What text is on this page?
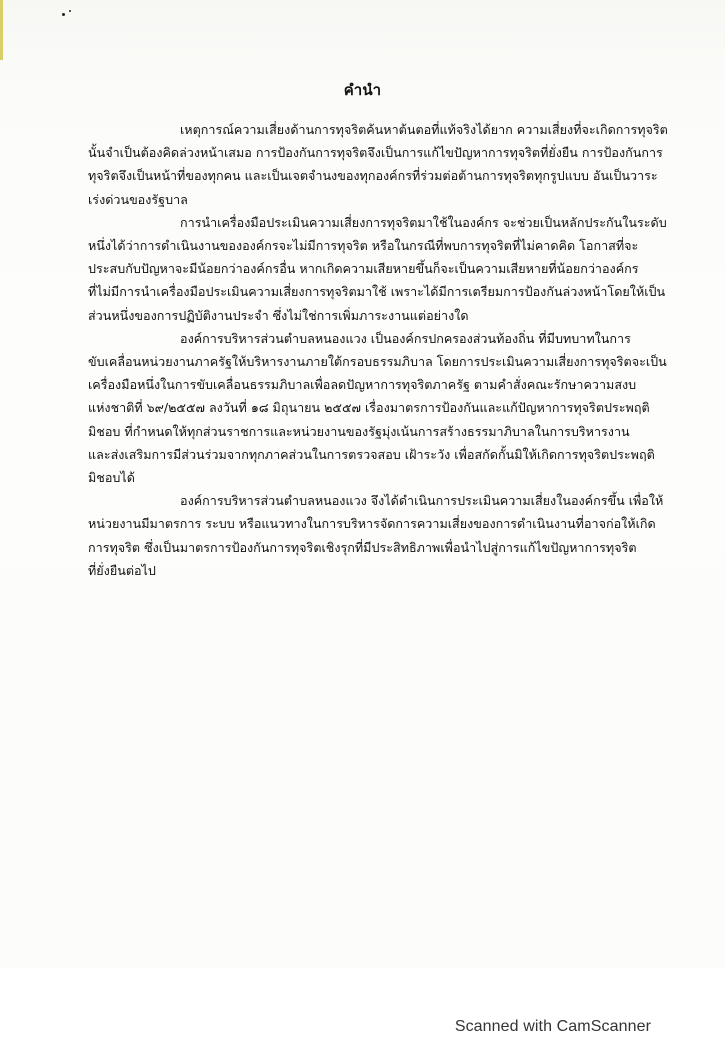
คำนำ

เหตุการณ์ความเสี่ยงด้านการทุจริตค้นหาต้นตอที่แท้จริงได้ยาก ความเสี่ยงที่จะเกิดการทุจริต
นั้นจำเป็นต้องคิดล่วงหน้าเสมอ การป้องกันการทุจริตจึงเป็นการแก้ไขปัญหาการทุจริตที่ยั่งยืน การป้องกันการ
ทุจริตจึงเป็นหน้าที่ของทุกคน และเป็นเจตจำนงของทุกองค์กรที่ร่วมต่อต้านการทุจริตทุกรูปแบบ อันเป็นวาระ
เร่งด่วนของรัฐบาล

การนำเครื่องมือประเมินความเสี่ยงการทุจริตมาใช้ในองค์กร จะช่วยเป็นหลักประกันในระดับ
หนึ่งได้ว่าการดำเนินงานขององค์กรจะไม่มีการทุจริต หรือในกรณีที่พบการทุจริตที่ไม่คาดคิด โอกาสที่จะ
ประสบกับปัญหาจะมีน้อยกว่าองค์กรอื่น หากเกิดความเสียหายขึ้นก็จะเป็นความเสียหายที่น้อยกว่าองค์กร
ที่ไม่มีการนำเครื่องมือประเมินความเสี่ยงการทุจริตมาใช้ เพราะได้มีการเตรียมการป้องกันล่วงหน้าโดยให้เป็น
ส่วนหนึ่งของการปฏิบัติงานประจำ ซึ่งไม่ใช่การเพิ่มภาระงานแต่อย่างใด

องค์การบริหารส่วนตำบลหนองแวง เป็นองค์กรปกครองส่วนท้องถิ่น ที่มีบทบาทในการ
ขับเคลื่อนหน่วยงานภาครัฐให้บริหารงานภายใต้กรอบธรรมภิบาล โดยการประเมินความเสี่ยงการทุจริตจะเป็น
เครื่องมือหนึ่งในการขับเคลื่อนธรรมภิบาลเพื่อลดปัญหาการทุจริตภาครัฐ ตามคำสั่งคณะรักษาความสงบ
แห่งชาติที่ ๖๙/๒๕๕๗ ลงวันที่ ๑๘ มิถุนายน ๒๕๕๗ เรื่องมาตรการป้องกันและแก้ปัญหาการทุจริตประพฤติ
มิชอบ ที่กำหนดให้ทุกส่วนราชการและหน่วยงานของรัฐมุ่งเน้นการสร้างธรรมาภิบาลในการบริหารงาน
และส่งเสริมการมีส่วนร่วมจากทุกภาคส่วนในการตรวจสอบ เฝ้าระวัง เพื่อสกัดกั้นมิให้เกิดการทุจริตประพฤติ
มิชอบได้

องค์การบริหารส่วนตำบลหนองแวง จึงได้ดำเนินการประเมินความเสี่ยงในองค์กรขึ้น เพื่อให้
หน่วยงานมีมาตรการ ระบบ หรือแนวทางในการบริหารจัดการความเสี่ยงของการดำเนินงานที่อาจก่อให้เกิด
การทุจริต ซึ่งเป็นมาตรการป้องกันการทุจริตเชิงรุกที่มีประสิทธิภาพเพื่อนำไปสู่การแก้ไขปัญหาการทุจริต
ที่ยั่งยืนต่อไป

Scanned with CamScanner
